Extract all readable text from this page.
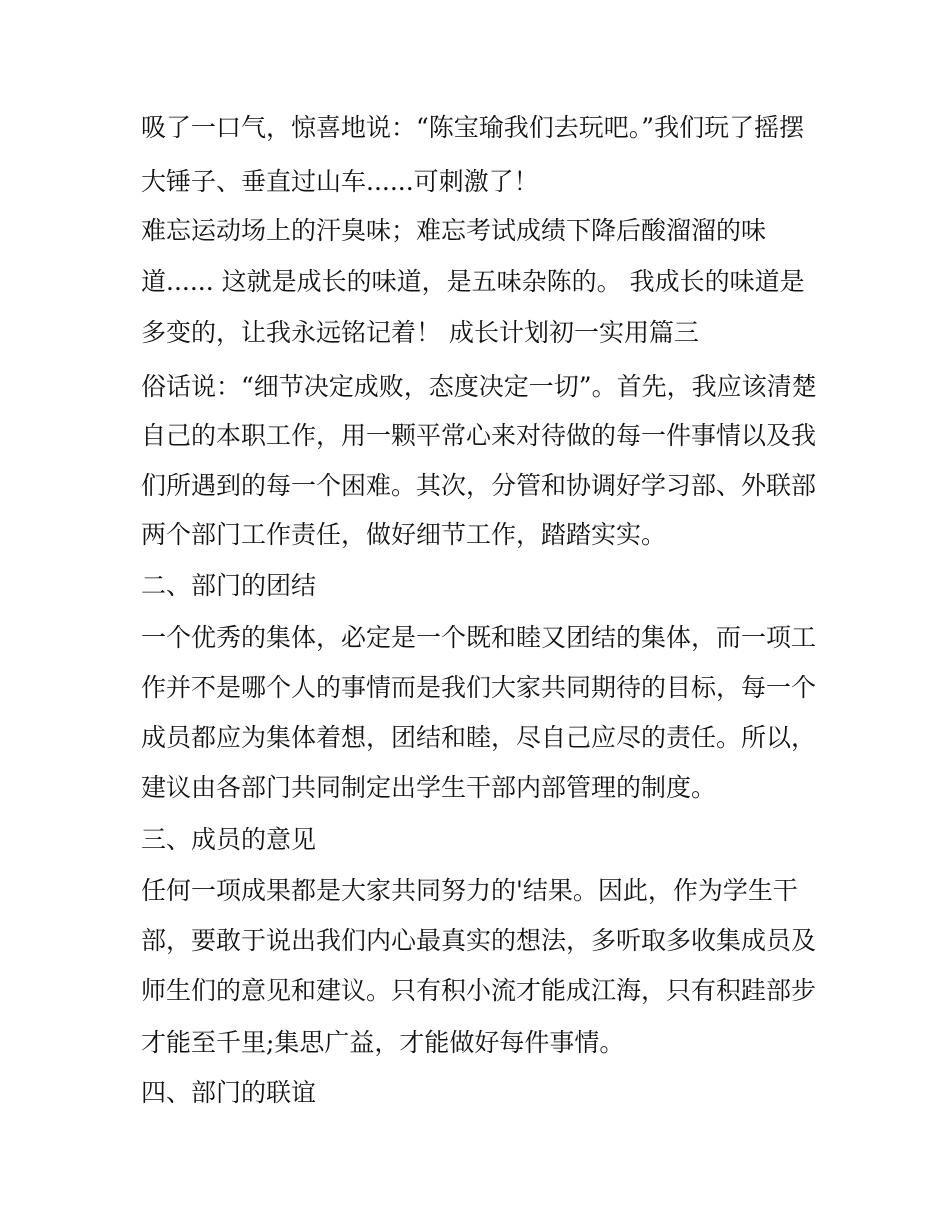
吸了一口气，惊喜地说：“陈宝瑜我们去玩吧。”我们玩了摇摆
大锤子、垂直过山车......可刺激了！
难忘运动场上的汗臭味；难忘考试成绩下降后酸溜溜的味
道...... 这就是成长的味道，是五味杂陈的。 我成长的味道是
多变的，让我永远铭记着！ 成长计划初一实用篇三
俗话说：“细节决定成败，态度决定一切”。首先，我应该清楚
自己的本职工作，用一颗平常心来对待做的每一件事情以及我
们所遇到的每一个困难。其次，分管和协调好学习部、外联部
两个部门工作责任，做好细节工作，踏踏实实。
二、部门的团结
一个优秀的集体，必定是一个既和睦又团结的集体，而一项工
作并不是哪个人的事情而是我们大家共同期待的目标，每一个
成员都应为集体着想，团结和睦，尽自己应尽的责任。所以，
建议由各部门共同制定出学生干部内部管理的制度。
三、成员的意见
任何一项成果都是大家共同努力的'结果。因此，作为学生干
部，要敢于说出我们内心最真实的想法，多听取多收集成员及
师生们的意见和建议。只有积小流才能成江海，只有积跬部步
才能至千里;集思广益，才能做好每件事情。
四、部门的联谊
